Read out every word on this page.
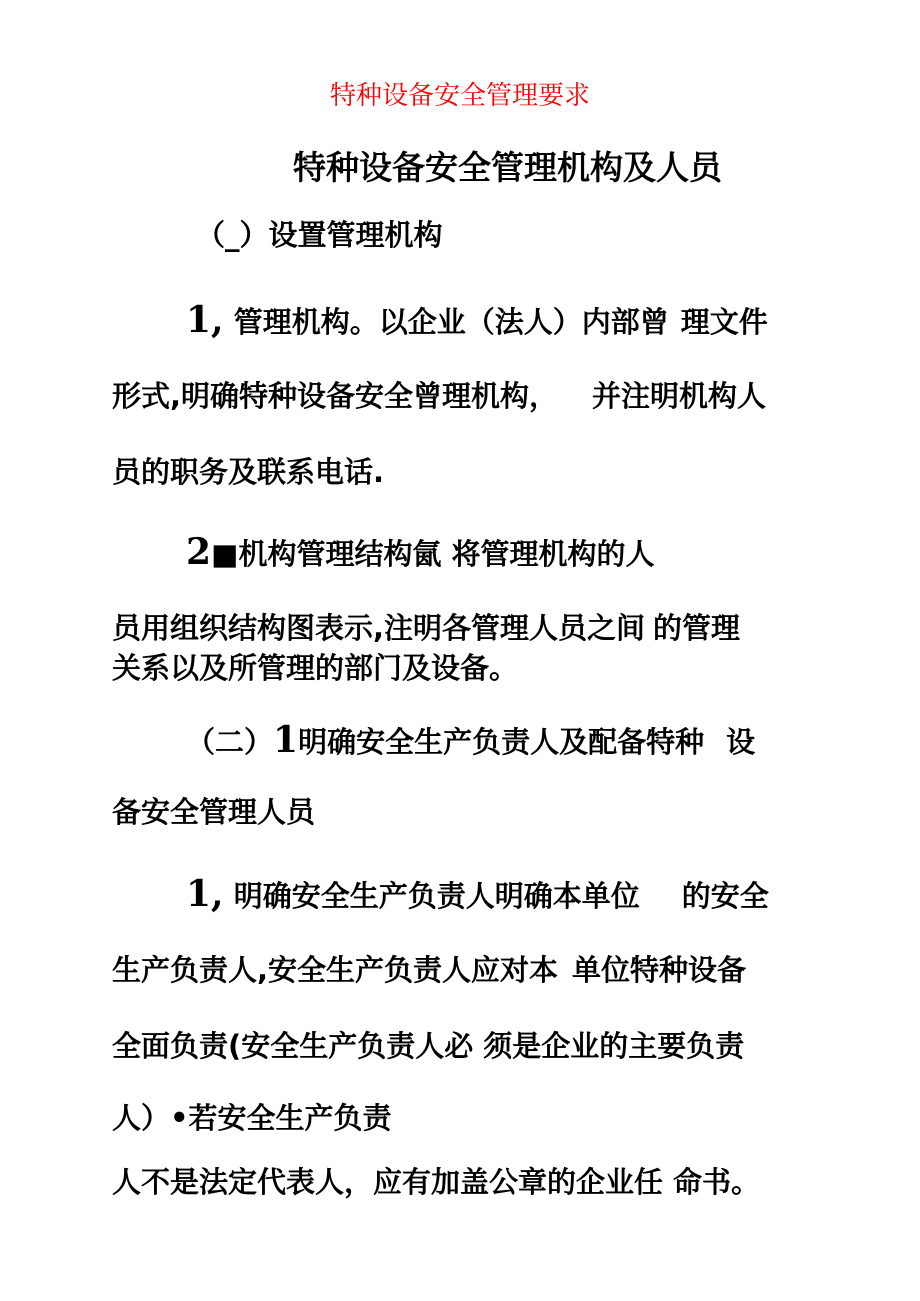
特种设备安全管理要求
特种设备安全管理机构及人员
（_）设置管理机构
1, 管理机构。以企业（法人）内部曾 理文件
形式,明确特种设备安全曾理机构， 并注明机构人
员的职务及联系电话.
2■机构管理结构氤 将管理机构的人
员用组织结构图表示,注明各管理人员之间 的管理
关系以及所管理的部门及设备。
（二）1明确安全生产负责人及配备特种 设
备安全管理人员
1, 明确安全生产负责人明确本单位 的安全
生产负责人,安全生产负责人应对本 单位特种设备
全面负责(安全生产负责人必 须是企业的主要负责
人）•若安全生产负责
人不是法定代表人，应有加盖公章的企业任 命书。
